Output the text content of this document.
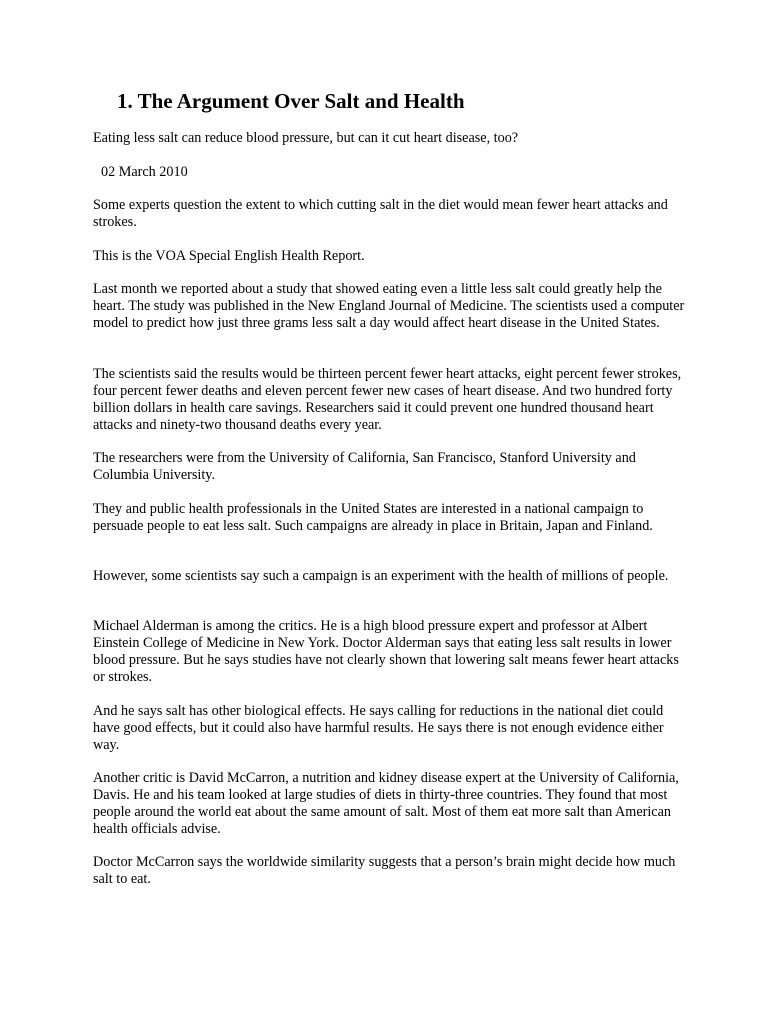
1. The Argument Over Salt and Health

Eating less salt can reduce blood pressure, but can it cut heart disease, too?

02 March 2010

Some experts question the extent to which cutting salt in the diet would mean fewer heart attacks and strokes.

This is the VOA Special English Health Report.

Last month we reported about a study that showed eating even a little less salt could greatly help the heart. The study was published in the New England Journal of Medicine. The scientists used a computer model to predict how just three grams less salt a day would affect heart disease in the United States.

The scientists said the results would be thirteen percent fewer heart attacks, eight percent fewer strokes, four percent fewer deaths and eleven percent fewer new cases of heart disease. And two hundred forty billion dollars in health care savings. Researchers said it could prevent one hundred thousand heart attacks and ninety-two thousand deaths every year.

The researchers were from the University of California, San Francisco, Stanford University and Columbia University.

They and public health professionals in the United States are interested in a national campaign to persuade people to eat less salt. Such campaigns are already in place in Britain, Japan and Finland.

However, some scientists say such a campaign is an experiment with the health of millions of people.

Michael Alderman is among the critics. He is a high blood pressure expert and professor at Albert Einstein College of Medicine in New York. Doctor Alderman says that eating less salt results in lower blood pressure. But he says studies have not clearly shown that lowering salt means fewer heart attacks or strokes.

And he says salt has other biological effects. He says calling for reductions in the national diet could have good effects, but it could also have harmful results. He says there is not enough evidence either way.

Another critic is David McCarron, a nutrition and kidney disease expert at the University of California, Davis. He and his team looked at large studies of diets in thirty-three countries. They found that most people around the world eat about the same amount of salt. Most of them eat more salt than American health officials advise.

Doctor McCarron says the worldwide similarity suggests that a person’s brain might decide how much salt to eat.
